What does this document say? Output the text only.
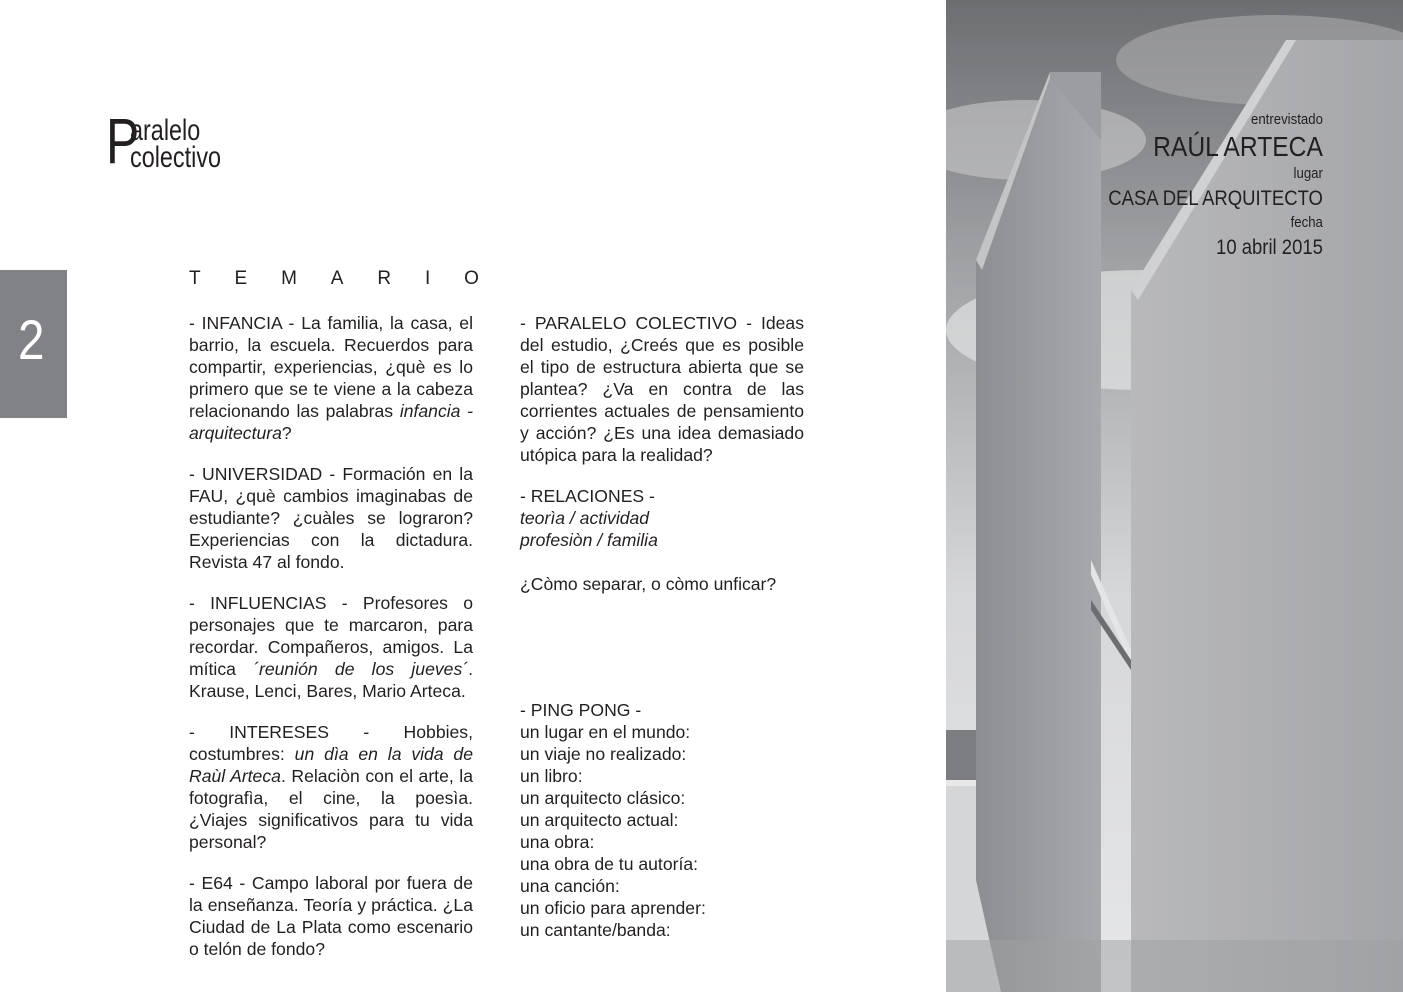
P
aralelo
colectivo
2
T E M A R I O

- INFANCIA - La familia, la casa, el barrio, la escuela. Recuerdos para compartir, experiencias, ¿què es lo primero que se te viene a la cabeza relacionando las palabras infancia - arquitectura?

- UNIVERSIDAD - Formación en la FAU, ¿què cambios imaginabas de estudiante? ¿cuàles se lograron? Experiencias con la dictadura. Revista 47 al fondo.

- INFLUENCIAS - Profesores o personajes que te marcaron, para recordar. Compañeros, amigos. La mítica ´reunión de los jueves´. Krause, Lenci, Bares, Mario Arteca.

- INTERESES - Hobbies, costumbres: un dìa en la vida de Raùl Arteca. Relaciòn con el arte, la fotografìa, el cine, la poesìa. ¿Viajes significativos para tu vida personal?

- E64 - Campo laboral por fuera de la enseñanza. Teoría y práctica. ¿La Ciudad de La Plata como escenario o telón de fondo?

- PARALELO COLECTIVO - Ideas del estudio, ¿Creés que es posible el tipo de estructura abierta que se plantea? ¿Va en contra de las corrientes actuales de pensamiento y acción? ¿Es una idea demasiado utópica para la realidad?

- RELACIONES -
teorìa / actividad
profesiòn / familia
¿Còmo separar, o còmo unficar?
- PING PONG -
un lugar en el mundo:
un viaje no realizado:
un libro:
un arquitecto clásico:
un arquitecto actual:
una obra:
una obra de tu autoría:
una canción:
un oficio para aprender:
un cantante/banda:
entrevistado
RAÚL ARTECA
lugar
CASA DEL ARQUITECTO
fecha
10 abril 2015
